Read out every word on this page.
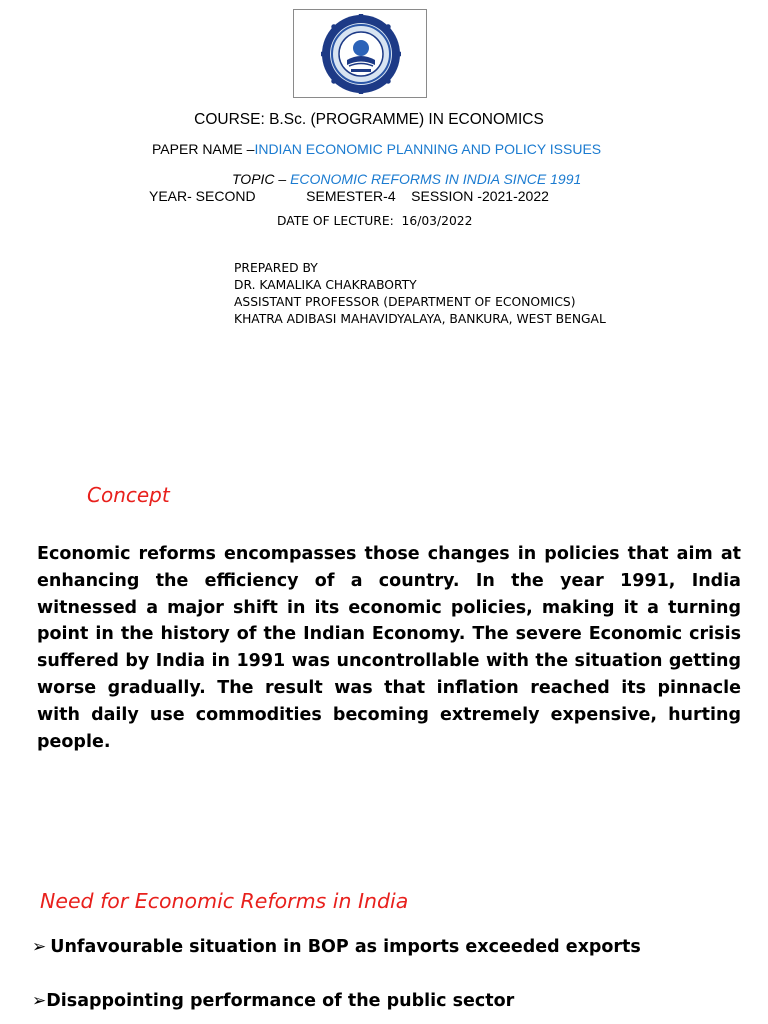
COURSE: B.Sc. (PROGRAMME) IN ECONOMICS
PAPER NAME –INDIAN ECONOMIC PLANNING AND POLICY ISSUES
TOPIC – ECONOMIC REFORMS IN INDIA SINCE 1991
YEAR- SECOND             SEMESTER-4    SESSION -2021-2022
DATE OF LECTURE:  16/03/2022
PREPARED BY
DR. KAMALIKA CHAKRABORTY
ASSISTANT PROFESSOR (DEPARTMENT OF ECONOMICS)
KHATRA ADIBASI MAHAVIDYALAYA, BANKURA, WEST BENGAL
Concept

Economic reforms encompasses those changes in policies that aim at enhancing the efficiency of a country. In the year 1991, India witnessed a major shift in its economic policies, making it a turning point in the history of the Indian Economy. The severe Economic crisis suffered by India in 1991 was uncontrollable with the situation getting worse gradually. The result was that inflation reached its pinnacle with daily use commodities becoming extremely expensive, hurting people.

Need for Economic Reforms in India
➢ Unfavourable situation in BOP as imports exceeded exports
➢Disappointing performance of the public sector
